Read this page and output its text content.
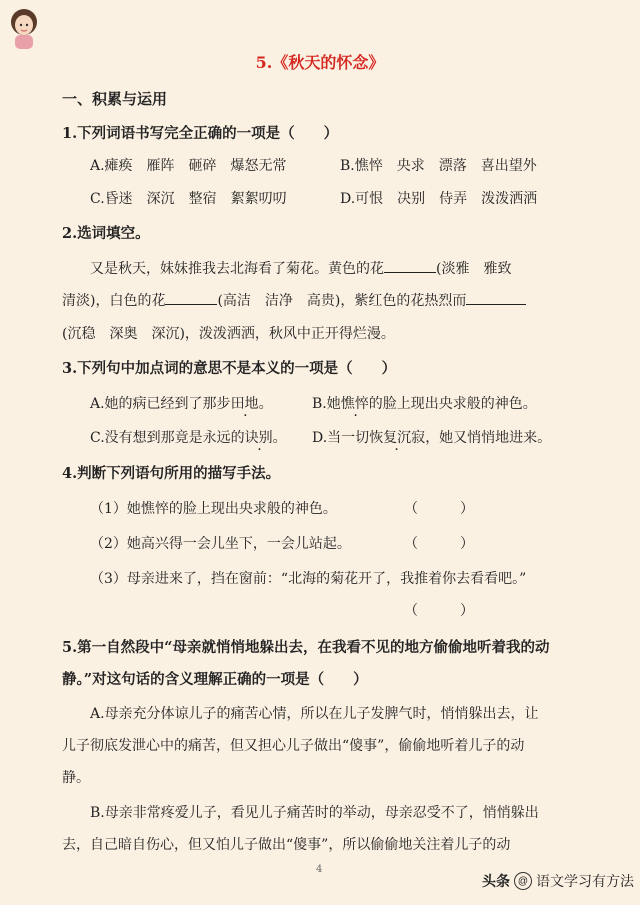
5.《秋天的怀念》
一、积累与运用
1.下列词语书写完全正确的一项是（　　）
A.瘫痪　雁阵　砸碎　爆怒无常	B.憔悴　央求　漂落　喜出望外
C.昏迷　深沉　整宿　絮絮叨叨	D.可恨　决别　侍弄　泼泼洒洒
2.选词填空。
又是秋天，妹妹推我去北海看了菊花。黄色的花	(淡雅　雅致
清淡)，白色的花	(高洁　洁净　高贵)，紫红色的花热烈而
(沉稳　深奥　深沉)，泼泼洒洒，秋风中正开得烂漫。
3.下列句中加点词的意思不是本义的一项是（　　）
A.她的病已经到了那步田地。	B.她憔悴的脸上现出央求般的神色。
C.没有想到那竟是永远的诀别。 D.当一切恢复沉寂，她又悄悄地进来。
4.判断下列语句所用的描写手法。
（1）她憔悴的脸上现出央求般的神色。	（　　　）
（2）她高兴得一会儿坐下，一会儿站起。	（　　　）
（3）母亲进来了，挡在窗前：“北海的菊花开了，我推着你去看看吧。”
（　　　）
5.第一自然段中“母亲就悄悄地躲出去，在我看不见的地方偷偷地听着我的动
静。”对这句话的含义理解正确的一项是（　　）
A.母亲充分体谅儿子的痛苦心情，所以在儿子发脾气时，悄悄躲出去，让
儿子彻底发泄心中的痛苦，但又担心儿子做出“傻事”，偷偷地听着儿子的动
静。
B.母亲非常疼爱儿子，看见儿子痛苦时的举动，母亲忍受不了，悄悄躲出
去，自己暗自伤心，但又怕儿子做出“傻事”，所以偷偷地关注着儿子的动
4
头条 @ 语文学习有方法
